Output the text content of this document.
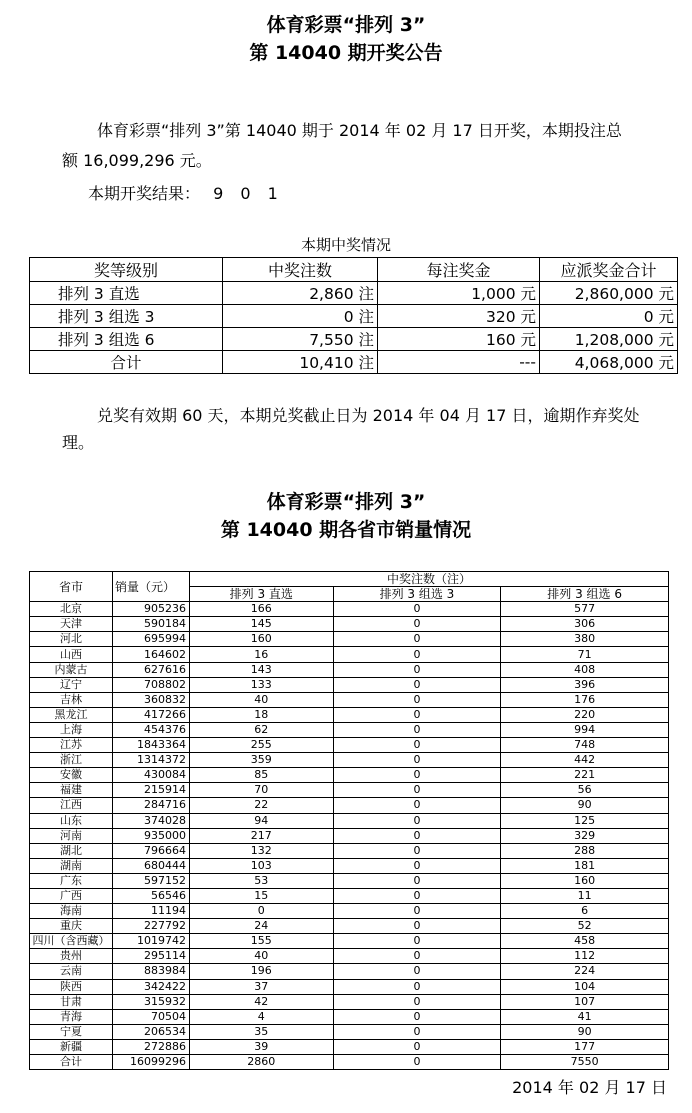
体育彩票“排列 3”
第 14040 期开奖公告
体育彩票“排列 3”第 14040 期于 2014 年 02 月 17 日开奖，本期投注总
额 16,099,296 元。
本期开奖结果： 9 0 1
本期中奖情况
奖等级别	中奖注数	每注奖金	应派奖金合计
排列 3 直选	2,860 注	1,000 元	2,860,000 元
排列 3 组选 3	0 注	320 元	0 元
排列 3 组选 6	7,550 注	160 元	1,208,000 元
合计	10,410 注	---	4,068,000 元
兑奖有效期 60 天，本期兑奖截止日为 2014 年 04 月 17 日，逾期作弃奖处
理。
体育彩票“排列 3”
第 14040 期各省市销量情况
省市	销量（元）	中奖注数（注）		
		排列 3 直选	排列 3 组选 3	排列 3 组选 6
北京	905236	166	0	577
天津	590184	145	0	306
河北	695994	160	0	380
山西	164602	16	0	71
内蒙古	627616	143	0	408
辽宁	708802	133	0	396
吉林	360832	40	0	176
黑龙江	417266	18	0	220
上海	454376	62	0	994
江苏	1843364	255	0	748
浙江	1314372	359	0	442
安徽	430084	85	0	221
福建	215914	70	0	56
江西	284716	22	0	90
山东	374028	94	0	125
河南	935000	217	0	329
湖北	796664	132	0	288
湖南	680444	103	0	181
广东	597152	53	0	160
广西	56546	15	0	11
海南	11194	0	0	6
重庆	227792	24	0	52
四川（含西藏）	1019742	155	0	458
贵州	295114	40	0	112
云南	883984	196	0	224
陕西	342422	37	0	104
甘肃	315932	42	0	107
青海	70504	4	0	41
宁夏	206534	35	0	90
新疆	272886	39	0	177
合计	16099296	2860	0	7550
2014 年 02 月 17 日
